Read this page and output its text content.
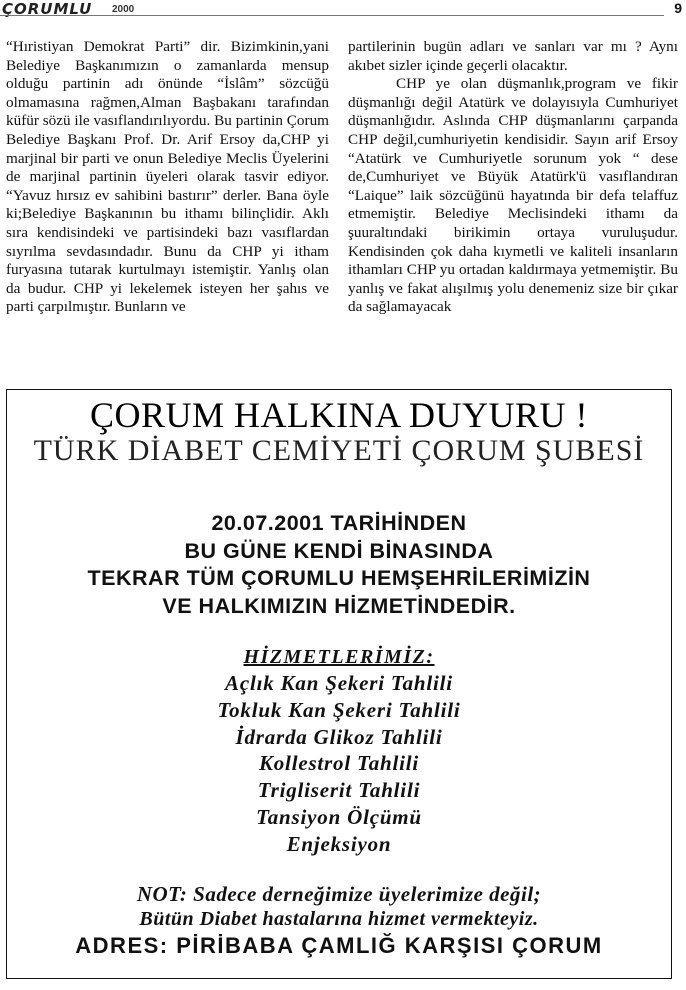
ÇORUMLU 2000	9

“Hıristiyan Demokrat Parti” dir. Bizimkinin,yani Belediye Başkanımızın o zamanlarda mensup olduğu partinin adı önünde “İslâm” sözcüğü olmamasına rağmen,Alman Başbakanı tarafından küfür sözü ile vasıflandırılıyordu. Bu partinin Çorum Belediye Başkanı Prof. Dr. Arif Ersoy da,CHP yi marjinal bir parti ve onun Belediye Meclis Üyelerini de marjinal partinin üyeleri olarak tasvir ediyor. “Yavuz hırsız ev sahibini bastırır” derler. Bana öyle ki;Belediye Başkanının bu ithamı bilinçlidir. Aklı sıra kendisindeki ve partisindeki bazı vasıflardan sıyrılma sevdasındadır. Bunu da CHP yi itham furyasına tutarak kurtulmayı istemiştir. Yanlış olan da budur. CHP yi lekelemek isteyen her şahıs ve parti çarpılmıştır. Bunların ve

partilerinin bugün adları ve sanları var mı ? Aynı akıbet sizler içinde geçerli olacaktır.

CHP ye olan düşmanlık,program ve fikir düşmanlığı değil Atatürk ve dolayısıyla Cumhuriyet düşmanlığıdır. Aslında CHP düşmanlarını çarpanda CHP değil,cumhuriyetin kendisidir. Sayın arif Ersoy “Atatürk ve Cumhuriyetle sorunum yok “ dese de,Cumhuriyet ve Büyük Atatürk'ü vasıflandıran “Laique” laik sözcüğünü hayatında bir defa telaffuz etmemiştir. Belediye Meclisindeki ithamı da şuuraltındaki birikimin ortaya vuruluşudur. Kendisinden çok daha kıymetli ve kaliteli insanların ithamları CHP yu ortadan kaldırmaya yetmemiştir. Bu yanlış ve fakat alışılmış yolu denemeniz size bir çıkar da sağlamayacak

ÇORUM HALKINA DUYURU !
TÜRK DİABET CEMİYETİ ÇORUM ŞUBESİ
20.07.2001 TARİHİNDEN
BU GÜNE KENDİ BİNASINDA
TEKRAR TÜM ÇORUMLU HEMŞEHRİLERİMİZİN
VE HALKIMIZIN HİZMETİNDEDİR.
HİZMETLERİMİZ:
Açlık Kan Şekeri Tahlili
Tokluk Kan Şekeri Tahlili
İdrarda Glikoz Tahlili
Kollestrol Tahlili
Trigliserit Tahlili
Tansiyon Ölçümü
Enjeksiyon
NOT: Sadece derneğimize üyelerimize değil;
Bütün Diabet hastalarına hizmet vermekteyiz.
ADRES: PİRİBABA ÇAMLIĞ KARŞISI ÇORUM
